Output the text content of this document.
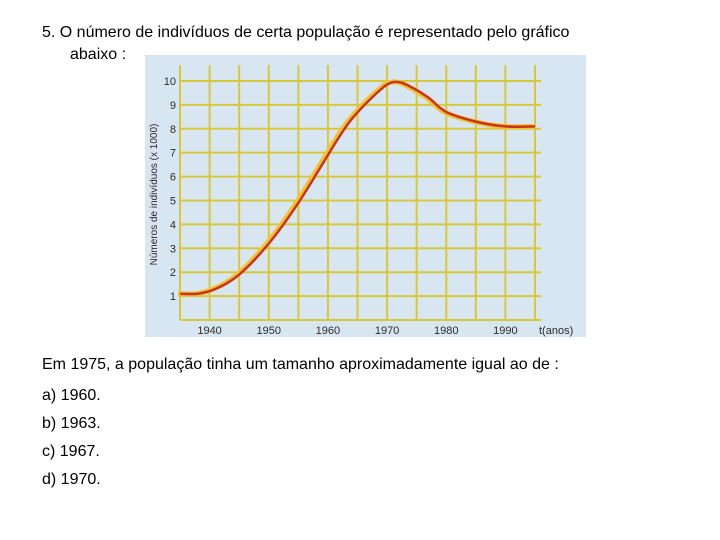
5. O número de indivíduos de certa população é representado pelo gráfico
abaixo :
1
2
3
4
5
6
7
8
9
10
1940	1950	1960	1970	1980	1990
Números de indivíduos (x 1000)
t(anos)
Em 1975, a população tinha um tamanho aproximadamente igual ao de :
a) 1960.
b) 1963.
c) 1967.
d) 1970.
